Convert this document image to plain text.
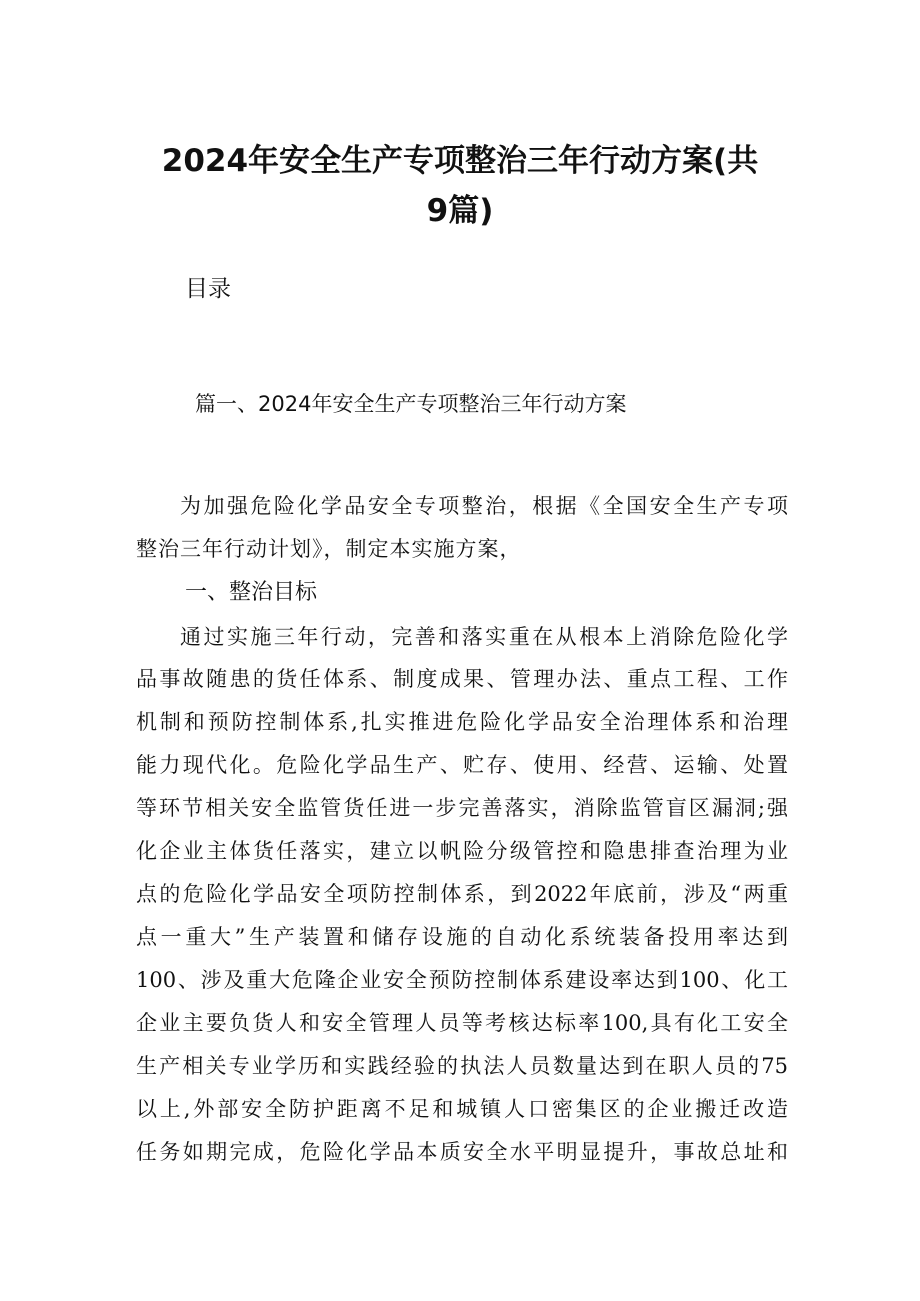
2024年安全生产专项整治三年行动方案(共
9篇)
目录
篇一、2024年安全生产专项整治三年行动方案
为加强危险化学品安全专项整治，根据《全国安全生产专项
整治三年行动计划》，制定本实施方案，
一、整治目标
通过实施三年行动，完善和落实重在从根本上消除危险化学
品事故随患的货任体系、制度成果、管理办法、重点工程、工作
机制和预防控制体系,扎实推进危险化学品安全治理体系和治理
能力现代化。危险化学品生产、贮存、使用、经营、运输、处置
等环节相关安全监管货任进一步完善落实，消除监管盲区漏洞;强
化企业主体货任落实，建立以帆险分级管控和隐患排查治理为业
点的危险化学品安全项防控制体系，到2022年底前，涉及“两重
点一重大”生产装置和储存设施的自动化系统装备投用率达到
100、涉及重大危隆企业安全预防控制体系建设率达到100、化工
企业主要负货人和安全管理人员等考核达标率100,具有化工安全
生产相关专业学历和实践经验的执法人员数量达到在职人员的75
以上,外部安全防护距离不足和城镇人口密集区的企业搬迁改造
任务如期完成，危险化学品本质安全水平明显提升，事故总址和
